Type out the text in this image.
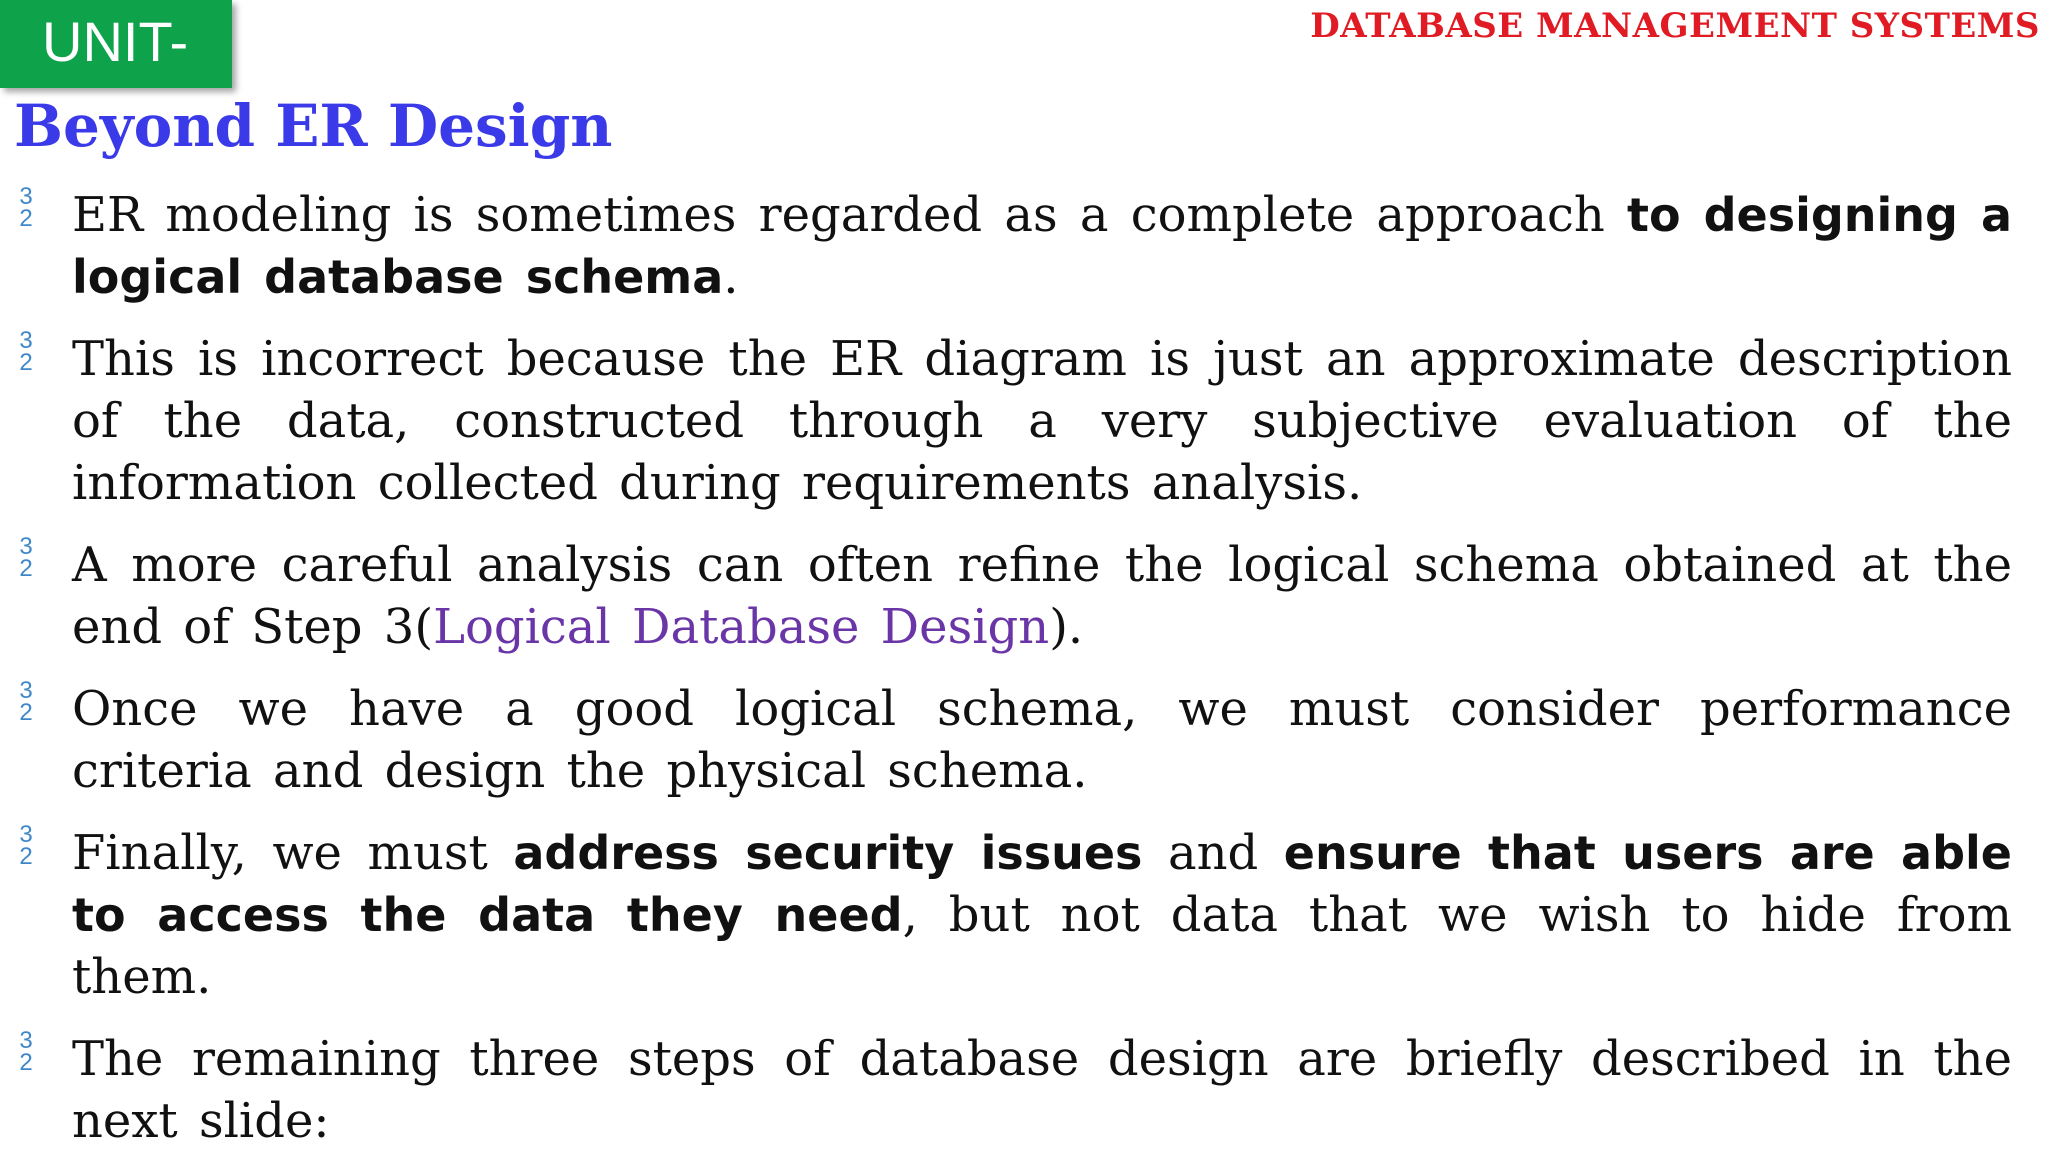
UNIT-	DATABASE MANAGEMENT SYSTEMS
Beyond ER Design
3
2 ER modeling is sometimes regarded as a complete approach to designing a logical database schema.
3
2 This is incorrect because the ER diagram is just an approximate description of the data, constructed through a very subjective evaluation of the information collected during requirements analysis.
3
2 A more careful analysis can often refine the logical schema obtained at the end of Step 3(Logical Database Design).
3
2 Once we have a good logical schema, we must consider performance criteria and design the physical schema.
3
2 Finally, we must address security issues and ensure that users are able to access the data they need, but not data that we wish to hide from them.
3
2 The remaining three steps of database design are briefly described in the next slide:
